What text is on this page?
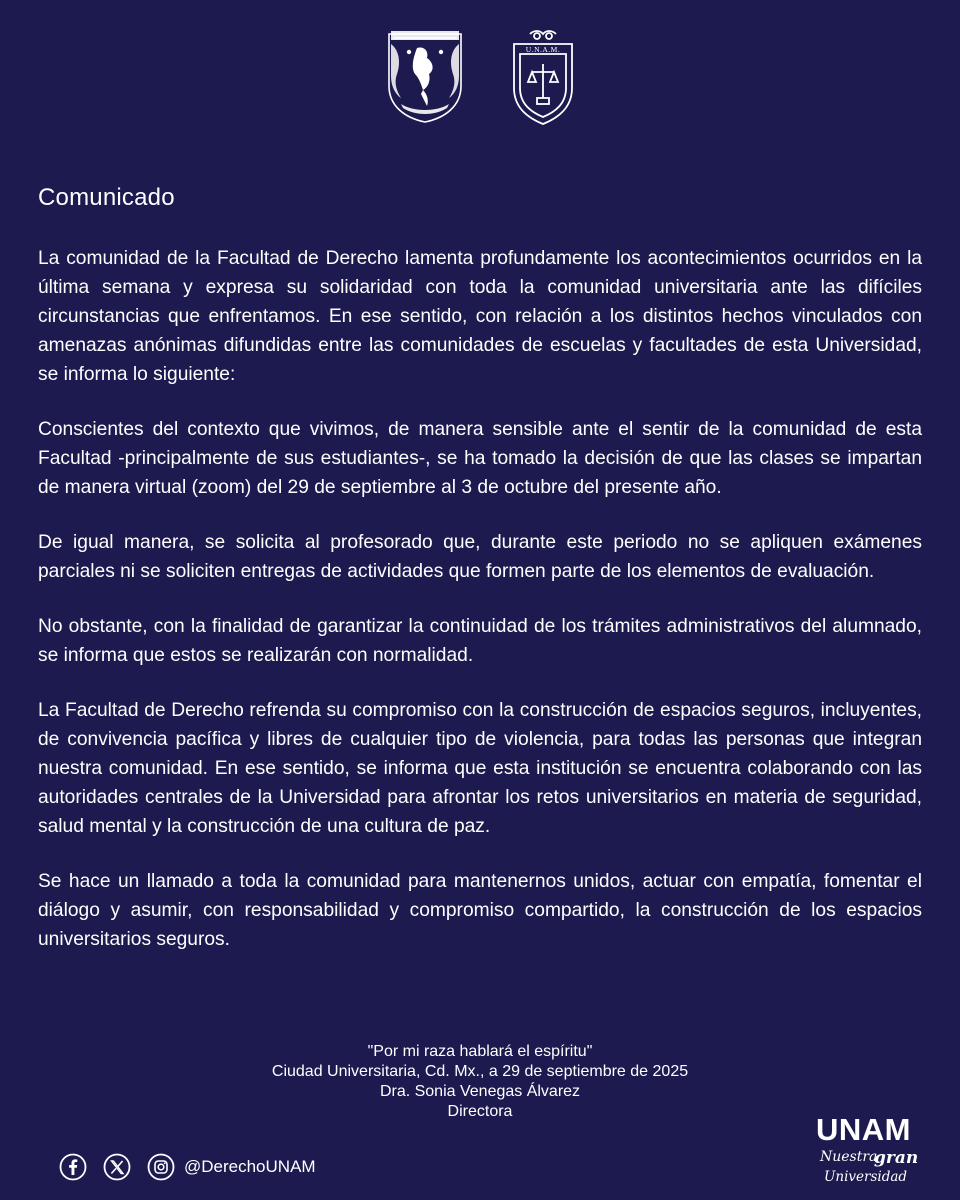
U.N.A.M.
Comunicado

La comunidad de la Facultad de Derecho lamenta profundamente los acontecimientos ocurridos en la última semana y expresa su solidaridad con toda la comunidad universitaria ante las difíciles circunstancias que enfrentamos. En ese sentido, con relación a los distintos hechos vinculados con amenazas anónimas difundidas entre las comunidades de escuelas y facultades de esta Universidad, se informa lo siguiente:

Conscientes del contexto que vivimos, de manera sensible ante el sentir de la comunidad de esta Facultad -principalmente de sus estudiantes-, se ha tomado la decisión de que las clases se impartan de manera virtual (zoom) del 29 de septiembre al 3 de octubre del presente año.

De igual manera, se solicita al profesorado que, durante este periodo no se apliquen exámenes parciales ni se soliciten entregas de actividades que formen parte de los elementos de evaluación.

No obstante, con la finalidad de garantizar la continuidad de los trámites administrativos del alumnado, se informa que estos se realizarán con normalidad.

La Facultad de Derecho refrenda su compromiso con la construcción de espacios seguros, incluyentes, de convivencia pacífica y libres de cualquier tipo de violencia, para todas las personas que integran nuestra comunidad. En ese sentido, se informa que esta institución se encuentra colaborando con las autoridades centrales de la Universidad para afrontar los retos universitarios en materia de seguridad, salud mental y la construcción de una cultura de paz.

Se hace un llamado a toda la comunidad para mantenernos unidos, actuar con empatía, fomentar el diálogo y asumir, con responsabilidad y compromiso compartido, la construcción de los espacios universitarios seguros.

"Por mi raza hablará el espíritu"
Ciudad Universitaria, Cd. Mx., a 29 de septiembre de 2025
Dra. Sonia Venegas Álvarez
Directora
@DerechoUNAM
UNAM
Nuestra
gran
Universidad
